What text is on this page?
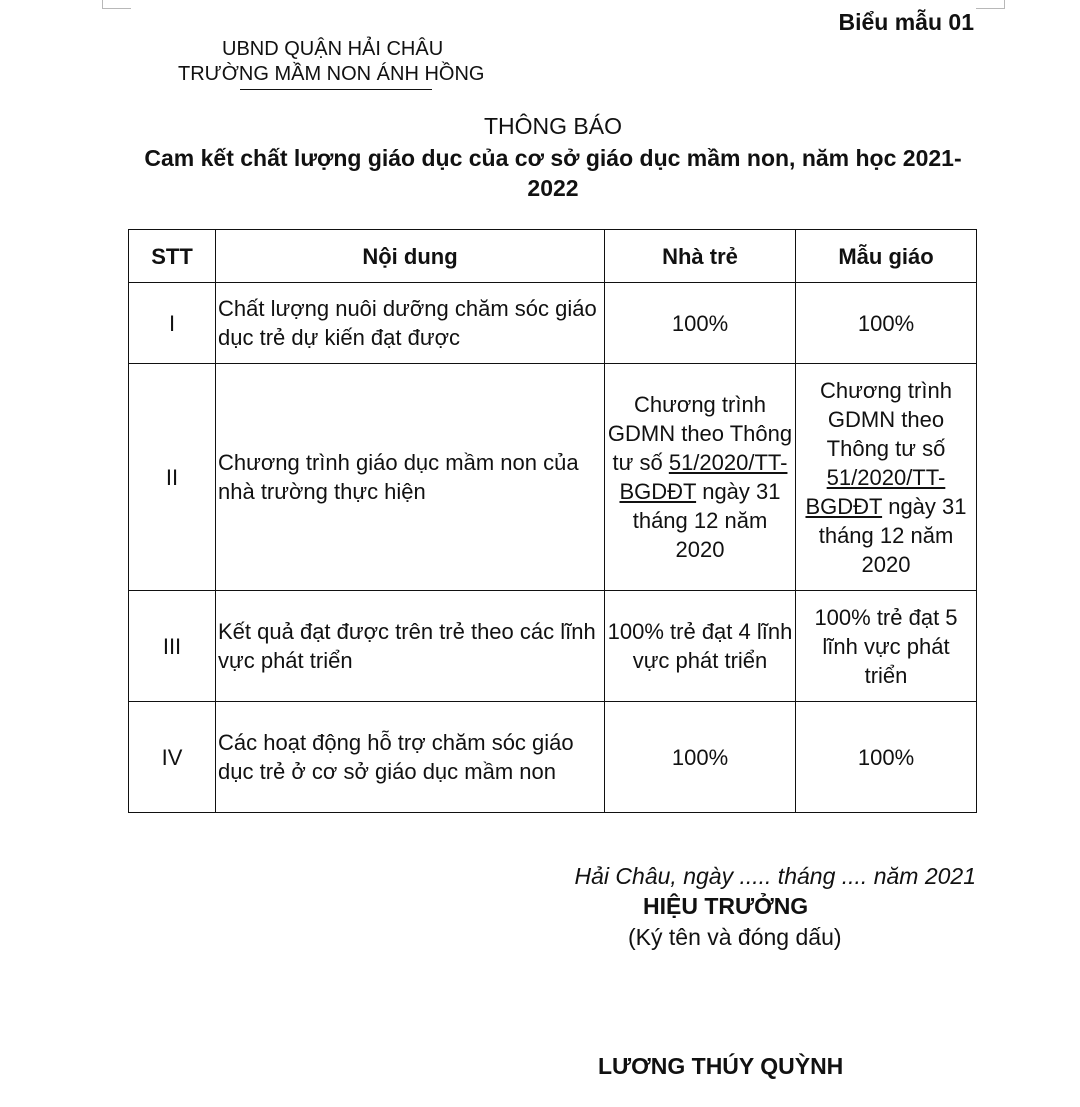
Biểu mẫu 01
UBND QUẬN HẢI CHÂU
TRƯỜNG MẦM NON ÁNH HỒNG
THÔNG BÁO
Cam kết chất lượng giáo dục của cơ sở giáo dục mầm non, năm học 2021-2022
STT	Nội dung	Nhà trẻ	Mẫu giáo
I	Chất lượng nuôi dưỡng chăm sóc giáo dục trẻ dự kiến đạt được	100%	100%
II	Chương trình giáo dục mầm non của nhà trường thực hiện	Chương trình GDMN theo Thông tư số 51/2020/TT-BGDĐT ngày 31 tháng 12 năm 2020	Chương trình GDMN theo Thông tư số 51/2020/TT-BGDĐT ngày 31 tháng 12 năm 2020
III	Kết quả đạt được trên trẻ theo các lĩnh vực phát triển	100% trẻ đạt 4 lĩnh vực phát triển	100% trẻ đạt 5 lĩnh vực phát triển
IV	Các hoạt động hỗ trợ chăm sóc giáo dục trẻ ở cơ sở giáo dục mầm non	100%	100%
Hải Châu, ngày ..... tháng .... năm 2021
HIỆU TRƯỞNG
(Ký tên và đóng dấu)
LƯƠNG THÚY QUỲNH
